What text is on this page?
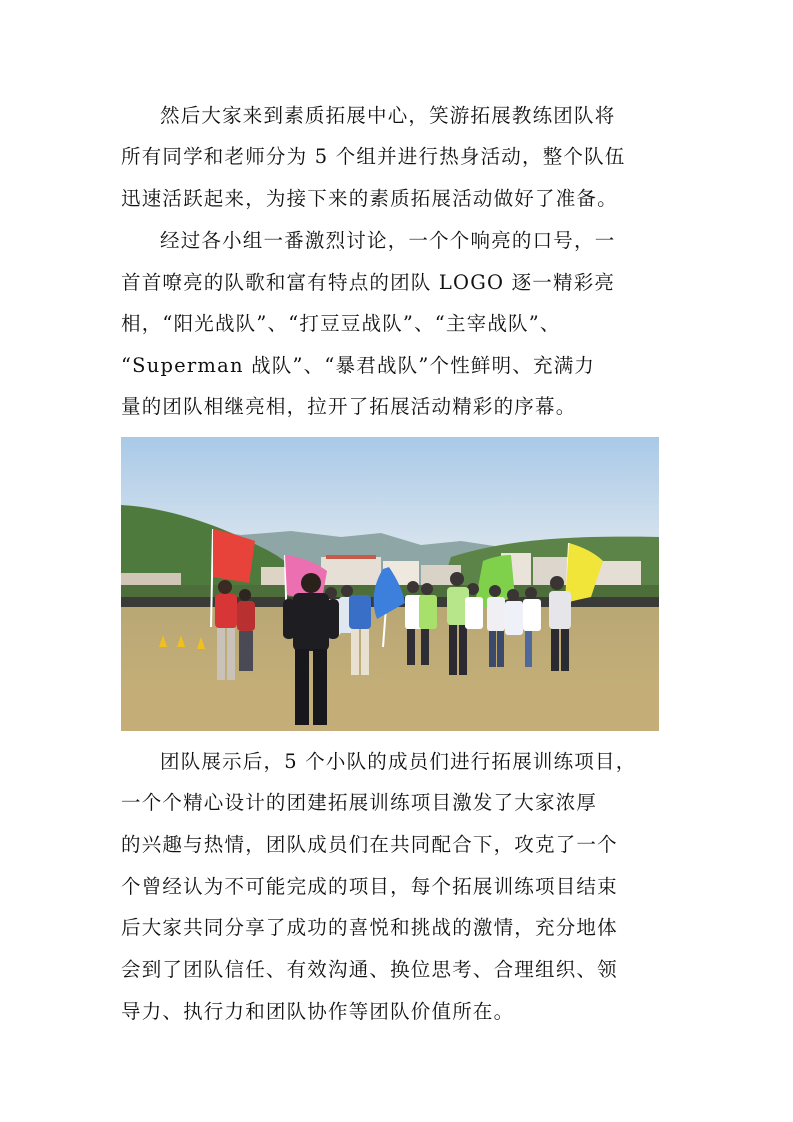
然后大家来到素质拓展中心，笑游拓展教练团队将
所有同学和老师分为 5 个组并进行热身活动，整个队伍
迅速活跃起来，为接下来的素质拓展活动做好了准备。
经过各小组一番激烈讨论，一个个响亮的口号，一
首首嘹亮的队歌和富有特点的团队 LOGO 逐一精彩亮
相，“阳光战队”、“打豆豆战队”、“主宰战队”、
“Superman 战队”、“暴君战队”个性鲜明、充满力
量的团队相继亮相，拉开了拓展活动精彩的序幕。
团队展示后，5 个小队的成员们进行拓展训练项目，
一个个精心设计的团建拓展训练项目激发了大家浓厚
的兴趣与热情，团队成员们在共同配合下，攻克了一个
个曾经认为不可能完成的项目，每个拓展训练项目结束
后大家共同分享了成功的喜悦和挑战的激情，充分地体
会到了团队信任、有效沟通、换位思考、合理组织、领
导力、执行力和团队协作等团队价值所在。
